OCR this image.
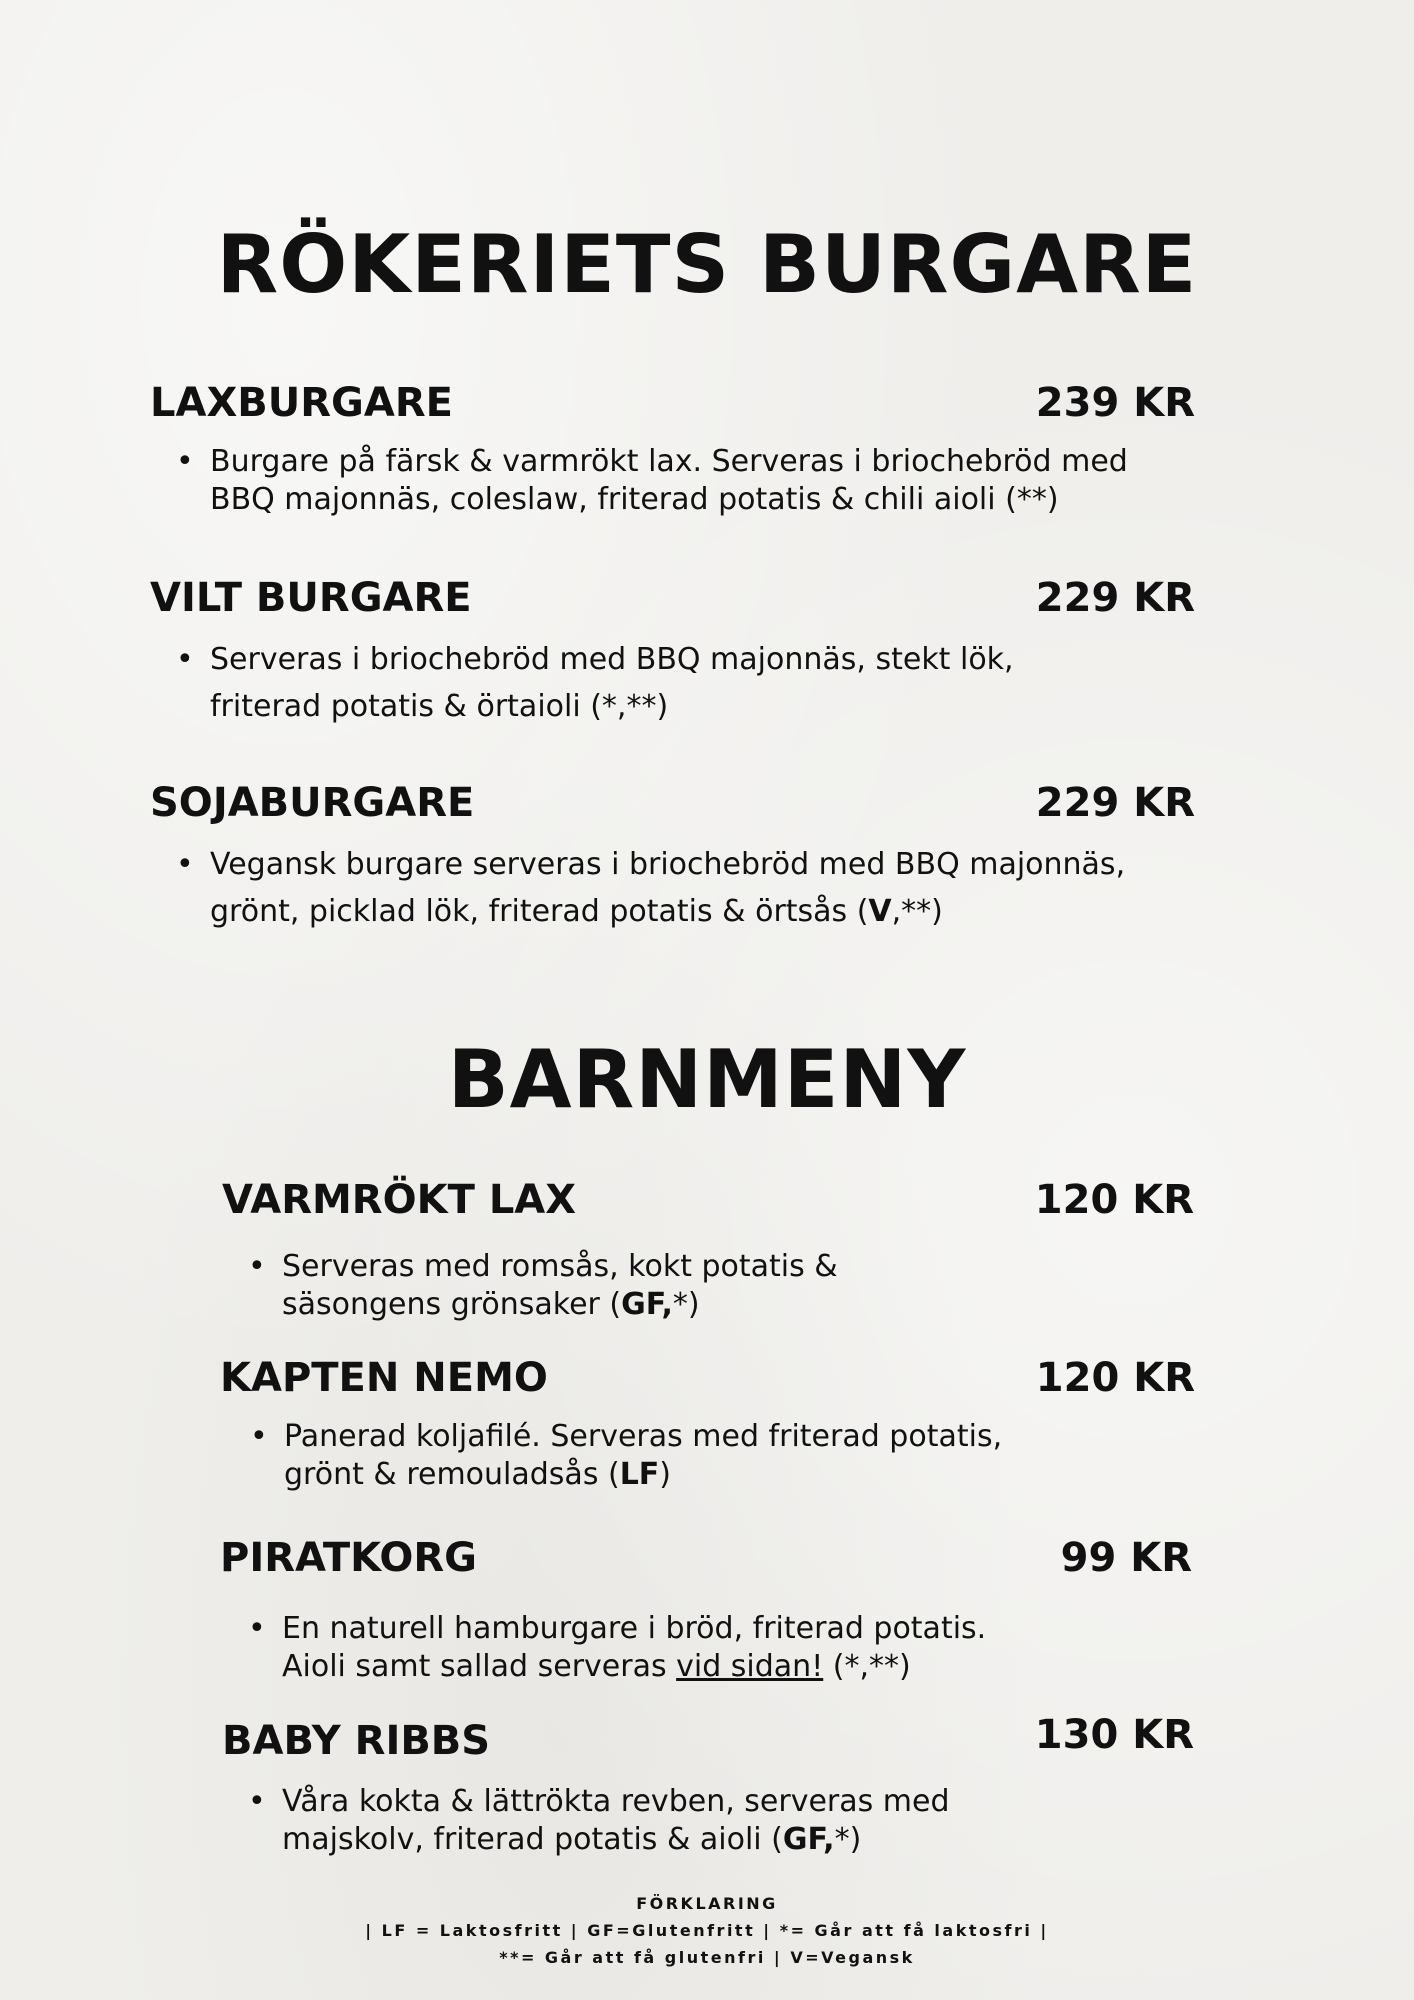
RÖKERIETS BURGARE
LAXBURGARE	239 KR
• Burgare på färsk & varmrökt lax. Serveras i briochebröd med
BBQ majonnäs, coleslaw, friterad potatis & chili aioli (**)
VILT BURGARE	229 KR
• Serveras i briochebröd med BBQ majonnäs, stekt lök,
friterad potatis & örtaioli (*,**)
SOJABURGARE	229 KR
• Vegansk burgare serveras i briochebröd med BBQ majonnäs,
grönt, picklad lök, friterad potatis & örtsås (V,**)
BARNMENY
VARMRÖKT LAX	120 KR
• Serveras med romsås, kokt potatis &
säsongens grönsaker (GF,*)
KAPTEN NEMO	120 KR
• Panerad koljafilé. Serveras med friterad potatis,
grönt & remouladsås (LF)
PIRATKORG	99 KR
• En naturell hamburgare i bröd, friterad potatis.
Aioli samt sallad serveras vid sidan! (*,**)
BABY RIBBS	130 KR
• Våra kokta & lättrökta revben, serveras med
majskolv, friterad potatis & aioli (GF,*)
FÖRKLARING
| LF = Laktosfritt | GF=Glutenfritt | *= Går att få laktosfri |
**= Går att få glutenfri | V=Vegansk
